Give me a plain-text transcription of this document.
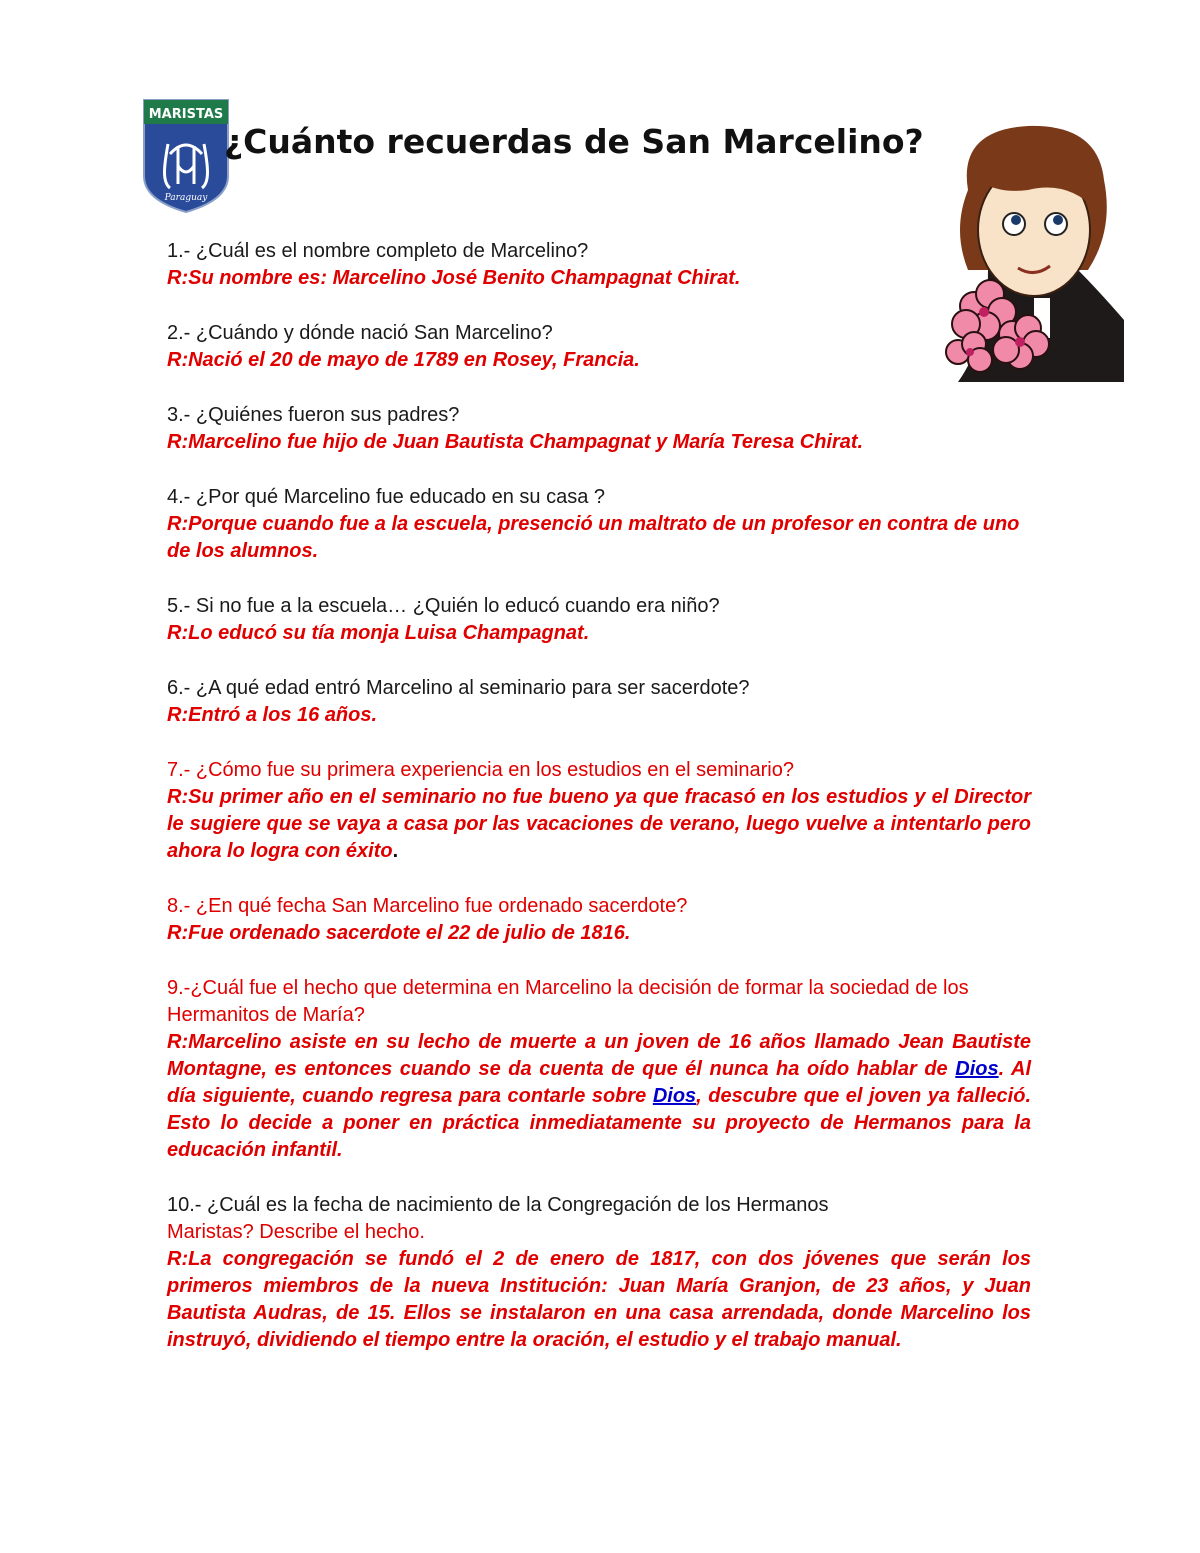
MARISTAS
Paraguay
¿Cuánto recuerdas de San Marcelino?
1.- ¿Cuál es el nombre completo de Marcelino?
R:Su nombre es: Marcelino José Benito Champagnat Chirat.
2.- ¿Cuándo y dónde nació San Marcelino?
R:Nació el 20 de mayo de 1789 en Rosey, Francia.
3.- ¿Quiénes fueron sus padres?
R:Marcelino fue hijo de Juan Bautista Champagnat y María Teresa Chirat.
4.- ¿Por qué Marcelino fue educado en su casa ?
R:Porque cuando fue a la escuela, presenció un maltrato de un profesor en contra de uno de los alumnos.
5.- Si no fue a la escuela… ¿Quién lo educó cuando era niño?
R:Lo educó su tía monja Luisa Champagnat.
6.- ¿A qué edad entró Marcelino al seminario para ser sacerdote?
R:Entró a los 16 años.
7.- ¿Cómo fue su primera experiencia en los estudios en el seminario?
R:Su primer año en el seminario no fue bueno ya que fracasó en los estudios y el Director le sugiere que se vaya a casa por las vacaciones de verano, luego vuelve a intentarlo pero ahora lo logra con éxito.
8.- ¿En qué fecha San Marcelino fue ordenado sacerdote?
R:Fue ordenado sacerdote el 22 de julio de 1816.
9.-¿Cuál fue el hecho que determina en Marcelino la decisión de formar la sociedad de los Hermanitos de María?
R:Marcelino asiste en su lecho de muerte a un joven de 16 años llamado Jean Bautiste Montagne, es entonces cuando se da cuenta de que él nunca ha oído hablar de Dios. Al día siguiente, cuando regresa para contarle sobre Dios, descubre que el joven ya falleció. Esto lo decide a poner en práctica inmediatamente su proyecto de Hermanos para la educación infantil.
10.- ¿Cuál es la fecha de nacimiento de la Congregación de los Hermanos
Maristas? Describe el hecho.
R:La congregación se fundó el 2 de enero de 1817, con dos jóvenes que serán los primeros miembros de la nueva Institución: Juan María Granjon, de 23 años, y Juan Bautista Audras, de 15. Ellos se instalaron en una casa arrendada, donde Marcelino los instruyó, dividiendo el tiempo entre la oración, el estudio y el trabajo manual.
